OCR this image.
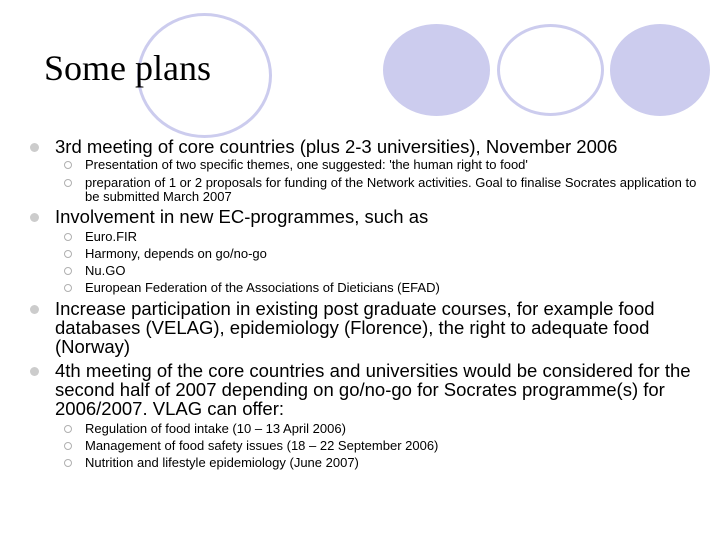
Some plans
3rd meeting of core countries (plus 2-3 universities), November 2006
Presentation of two specific themes, one suggested: 'the human right to food'
preparation of 1 or 2 proposals for funding of the Network activities. Goal to finalise Socrates application to be submitted March 2007
Involvement in new EC-programmes, such as
Euro.FIR
Harmony, depends on go/no-go
Nu.GO
European Federation of the Associations of Dieticians (EFAD)
Increase participation in existing post graduate courses, for example food databases (VELAG), epidemiology (Florence), the right to adequate food (Norway)
4th meeting of the core countries and universities would be considered for the second half of 2007 depending on go/no-go for Socrates programme(s) for 2006/2007. VLAG can offer:
Regulation of food intake (10 – 13 April 2006)
Management of food safety issues (18 – 22 September 2006)
Nutrition and lifestyle epidemiology (June 2007)
